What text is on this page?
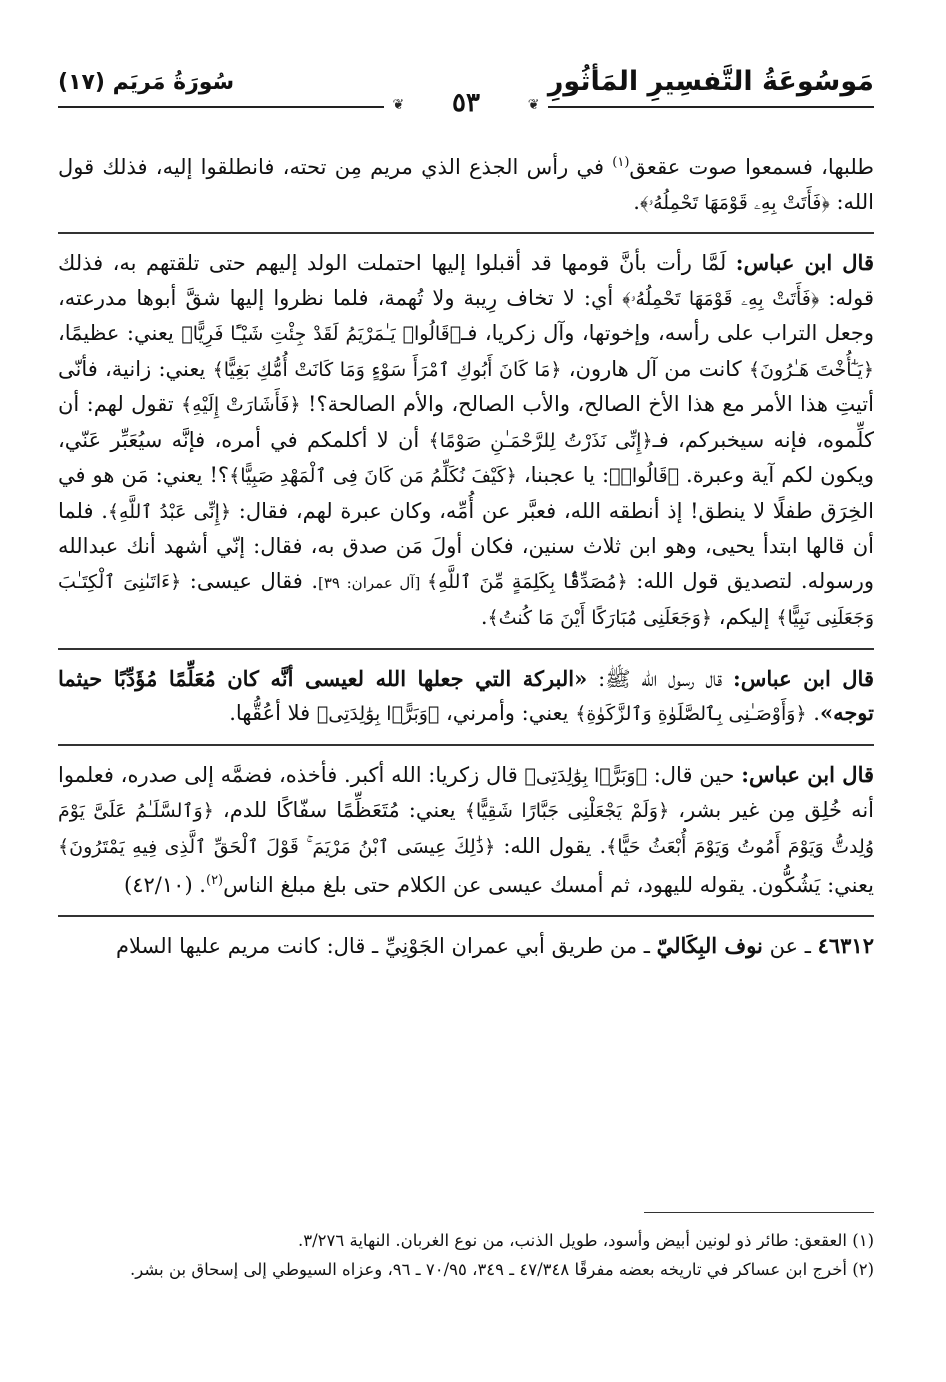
مَوسُوعَةُ التَّفسِيرِ المَأثُورِ
سُورَةُ مَريَم (١٧)
❦
❦ ٥٣

طلبها، فسمعوا صوت عقعق$^{(١)}$ في رأس الجذع الذي مريم مِن تحته، فانطلقوا إليه، فذلك قول الله: ﴿فَأَتَتْ بِهِۦ قَوْمَهَا تَحْمِلُهُۥ﴾.

قال ابن عباس: لَمَّا رأت بأنَّ قومها قد أقبلوا إليها احتملت الولد إليهم حتى تلقتهم به، فذلك قوله: ﴿فَأَتَتْ بِهِۦ قَوْمَهَا تَحْمِلُهُۥ﴾ أي: لا تخاف رِيبة ولا تُهمة، فلما نظروا إليها شقَّ أبوها مدرعته، وجعل التراب على رأسه، وإخوتها، وآل زكريا، فـ﴿قَالُوا۟ يَـٰمَرْيَمُ لَقَدْ جِئْتِ شَيْـًٔا فَرِيًّا﴾ يعني: عظيمًا، ﴿يَـٰٓأُخْتَ هَـٰرُونَ﴾ كانت من آل هارون، ﴿مَا كَانَ أَبُوكِ ٱمْرَأَ سَوْءٍ وَمَا كَانَتْ أُمُّكِ بَغِيًّا﴾ يعني: زانية، فأنّى أتيتِ هذا الأمر مع هذا الأخ الصالح، والأب الصالح، والأم الصالحة؟! ﴿فَأَشَارَتْ إِلَيْهِ﴾ تقول لهم: أن كلِّموه، فإنه سيخبركم، فـ﴿إِنِّى نَذَرْتُ لِلرَّحْمَـٰنِ صَوْمًا﴾ أن لا أكلمكم في أمره، فإنَّه سيُعَبِّر عَنّي، ويكون لكم آية وعبرة. ﴿قَالُوا۟﴾: يا عجبنا، ﴿كَيْفَ نُكَلِّمُ مَن كَانَ فِى ٱلْمَهْدِ صَبِيًّا﴾؟! يعني: مَن هو في الخِرَق طفلًا لا ينطق! إذ أنطقه الله، فعبَّر عن أُمِّه، وكان عبرة لهم، فقال: ﴿إِنِّى عَبْدُ ٱللَّهِ﴾. فلما أن قالها ابتدأ يحيى، وهو ابن ثلاث سنين، فكان أولَ مَن صدق به، فقال: إنّي أشهد أنك عبدالله ورسوله. لتصديق قول الله: ﴿مُصَدِّقًۢا بِكَلِمَةٍ مِّنَ ٱللَّهِ﴾ [آل عمران: ٣٩]. فقال عيسى: ﴿ءَاتَىٰنِىَ ٱلْكِتَـٰبَ وَجَعَلَنِى نَبِيًّا﴾ إليكم، ﴿وَجَعَلَنِى مُبَارَكًا أَيْنَ مَا كُنتُ﴾.

قال ابن عباس: قال رسول الله ﷺ: «البركة التي جعلها الله لعيسى أنَّه كان مُعَلِّمًا مُؤَدِّبًا حيثما توجه». ﴿وَأَوْصَـٰنِى بِٱلصَّلَوٰةِ وَٱلزَّكَوٰةِ﴾ يعني: وأمرني، ﴿وَبَرًّۢا بِوَٰلِدَتِى﴾ فلا أعُقُّها.

قال ابن عباس: حين قال: ﴿وَبَرًّۢا بِوَٰلِدَتِى﴾ قال زكريا: الله أكبر. فأخذه، فضمَّه إلى صدره، فعلموا أنه خُلِق مِن غير بشر، ﴿وَلَمْ يَجْعَلْنِى جَبَّارًا شَقِيًّا﴾ يعني: مُتَعَظِّمًا سفّاكًا للدم، ﴿وَٱلسَّلَـٰمُ عَلَىَّ يَوْمَ وُلِدتُّ وَيَوْمَ أَمُوتُ وَيَوْمَ أُبْعَثُ حَيًّا﴾. يقول الله: ﴿ذَٰلِكَ عِيسَى ٱبْنُ مَرْيَمَ ۚ قَوْلَ ٱلْحَقِّ ٱلَّذِى فِيهِ يَمْتَرُونَ﴾ يعني: يَشُكُّون. يقوله لليهود، ثم أمسك عيسى عن الكلام حتى بلغ مبلغ الناس$^{(٢)}$. (٤٢/١٠)

٤٦٣١٢ ـ عن نوف البِكَاليّ ـ من طريق أبي عمران الجَوْنِيِّ ـ قال: كانت مريم عليها السلام

(١) العقعق: طائر ذو لونين أبيض وأسود، طويل الذنب، من نوع الغربان. النهاية ٣/٢٧٦.

(٢) أخرج ابن عساكر في تاريخه بعضه مفرقًا ٤٧/٣٤٨ ـ ٣٤٩، ٧٠/٩٥ ـ ٩٦، وعزاه السيوطي إلى إسحاق بن بشر.
